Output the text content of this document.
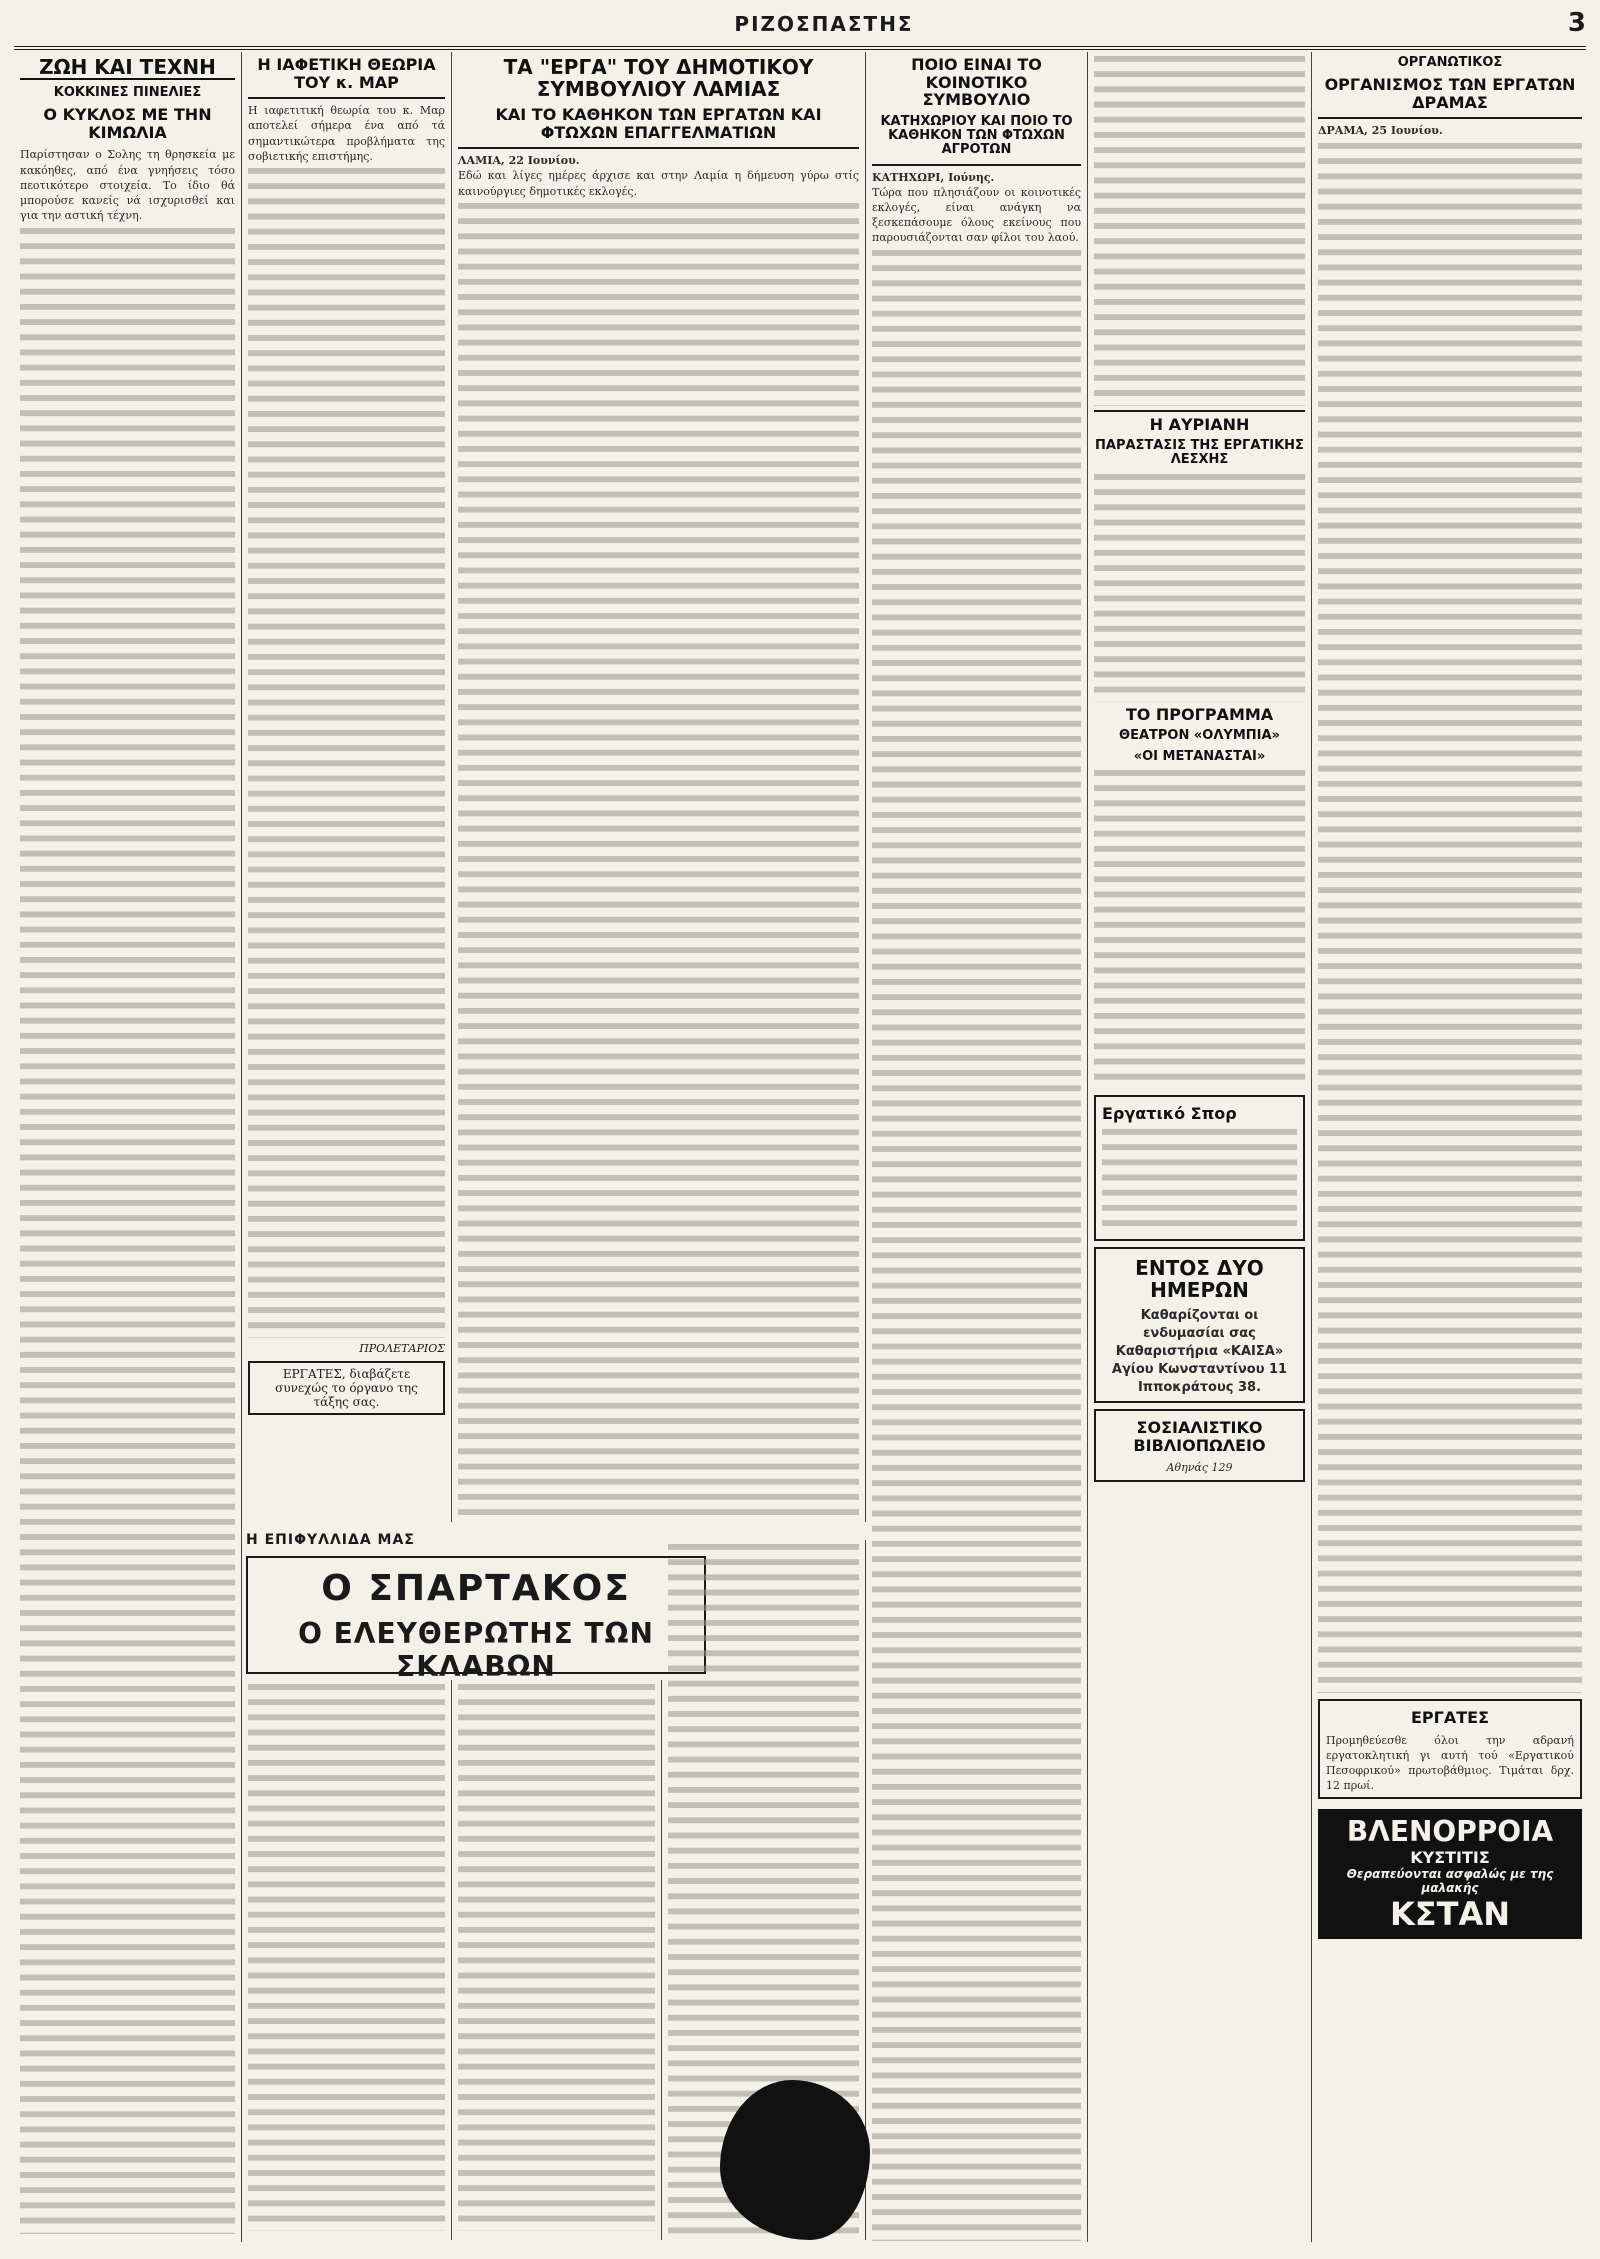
ΡΙΖΟΣΠΑΣΤΗΣ	3
ΖΩΗ ΚΑΙ ΤΕΧΝΗ
ΚΟΚΚΙΝΕΣ ΠΙΝΕΛΙΕΣ
Ο ΚΥΚΛΟΣ ΜΕ ΤΗΝ ΚΙΜΩΛΙΑ
Παρίστησαν ο Σολης τη θρησκεία με κακόηθες, από ένα γνηήσεις τόσο πεοτικότερο στοιχεία. Το ίδιο θά μπορούσε κανείς νά ισχυρισθεί και για την αστική τέχνη.
Η ΙΑΦΕΤΙΚΗ ΘΕΩΡΙΑ ΤΟΥ κ. ΜΑΡ
Η ιαφετιτική θεωρία του κ. Μαρ αποτελεί σήμερα ένα από τά σημαντικώτερα προβλήματα της σοβιετικής επιστήμης.
ΠΡΟΛΕΤΑΡΙΟΣ
ΕΡΓΑΤΕΣ, διαβάζετε συνεχώς το όργανο της τάξης σας.
ΤΑ "ΕΡΓΑ" ΤΟΥ ΔΗΜΟΤΙΚΟΥ ΣΥΜΒΟΥΛΙΟΥ ΛΑΜΙΑΣ
ΚΑΙ ΤΟ ΚΑΘΗΚΟΝ ΤΩΝ ΕΡΓΑΤΩΝ ΚΑΙ ΦΤΩΧΩΝ ΕΠΑΓΓΕΛΜΑΤΙΩΝ
ΛΑΜΙΑ, 22 Ιουνίου.
Εδώ και λίγες ημέρες άρχισε και στην Λαμία η δήμευση γύρω στίς καινούργιες δημοτικές εκλογές.
ΠΟΙΟ ΕΙΝΑΙ ΤΟ ΚΟΙΝΟΤΙΚΟ ΣΥΜΒΟΥΛΙΟ
ΚΑΤΗΧΩΡΙΟΥ ΚΑΙ ΠΟΙΟ ΤΟ ΚΑΘΗΚΟΝ ΤΩΝ ΦΤΩΧΩΝ ΑΓΡΟΤΩΝ
ΚΑΤΗΧΩΡΙ, Ιούνης.
Τώρα που πλησιάζουν οι κοινοτικές εκλογές, είναι ανάγκη να ξεσκεπάσουμε όλους εκείνους που παρουσιάζονται σαν φίλοι του λαού.
Η ΑΥΡΙΑΝΗ
ΠΑΡΑΣΤΑΣΙΣ ΤΗΣ ΕΡΓΑΤΙΚΗΣ ΛΕΣΧΗΣ
ΤΟ ΠΡΟΓΡΑΜΜΑ
ΘΕΑΤΡΟΝ «ΟΛΥΜΠΙΑ»
«ΟΙ ΜΕΤΑΝΑΣΤΑΙ»
Εργατικό Σπορ
ΕΝΤΟΣ ΔΥΟ ΗΜΕΡΩΝ
Καθαρίζονται οι ενδυμασίαι σας Καθαριστήρια «ΚΑΙΣΑ» Αγίου Κωνσταντίνου 11 Ιπποκράτους 38.
ΣΟΣΙΑΛΙΣΤΙΚΟ ΒΙΒΛΙΟΠΩΛΕΙΟ
Αθηνάς 129
ΟΡΓΑΝΩΤΙΚΟΣ
ΟΡΓΑΝΙΣΜΟΣ ΤΩΝ ΕΡΓΑΤΩΝ ΔΡΑΜΑΣ
ΔΡΑΜΑ, 25 Ιουνίου.
ΕΡΓΑΤΕΣ
Προμηθεύεσθε όλοι την αδρανή εργατοκλητική γι αυτή τού «Εργατικού Πεσοφρικού» πρωτοβάθμιος. Τιμάται δρχ. 12 πρωί.
ΒΛΕΝΟΡΡΟΙΑ
ΚΥΣΤΙΤΙΣ
Θεραπεύονται ασφαλώς με της μαλακής
ΚΣΤΑΝ
Η ΕΠΙΦΥΛΛΙΔΑ ΜΑΣ
Ο ΣΠΑΡΤΑΚΟΣ
Ο ΕΛΕΥΘΕΡΩΤΗΣ ΤΩΝ ΣΚΛΑΒΩΝ
